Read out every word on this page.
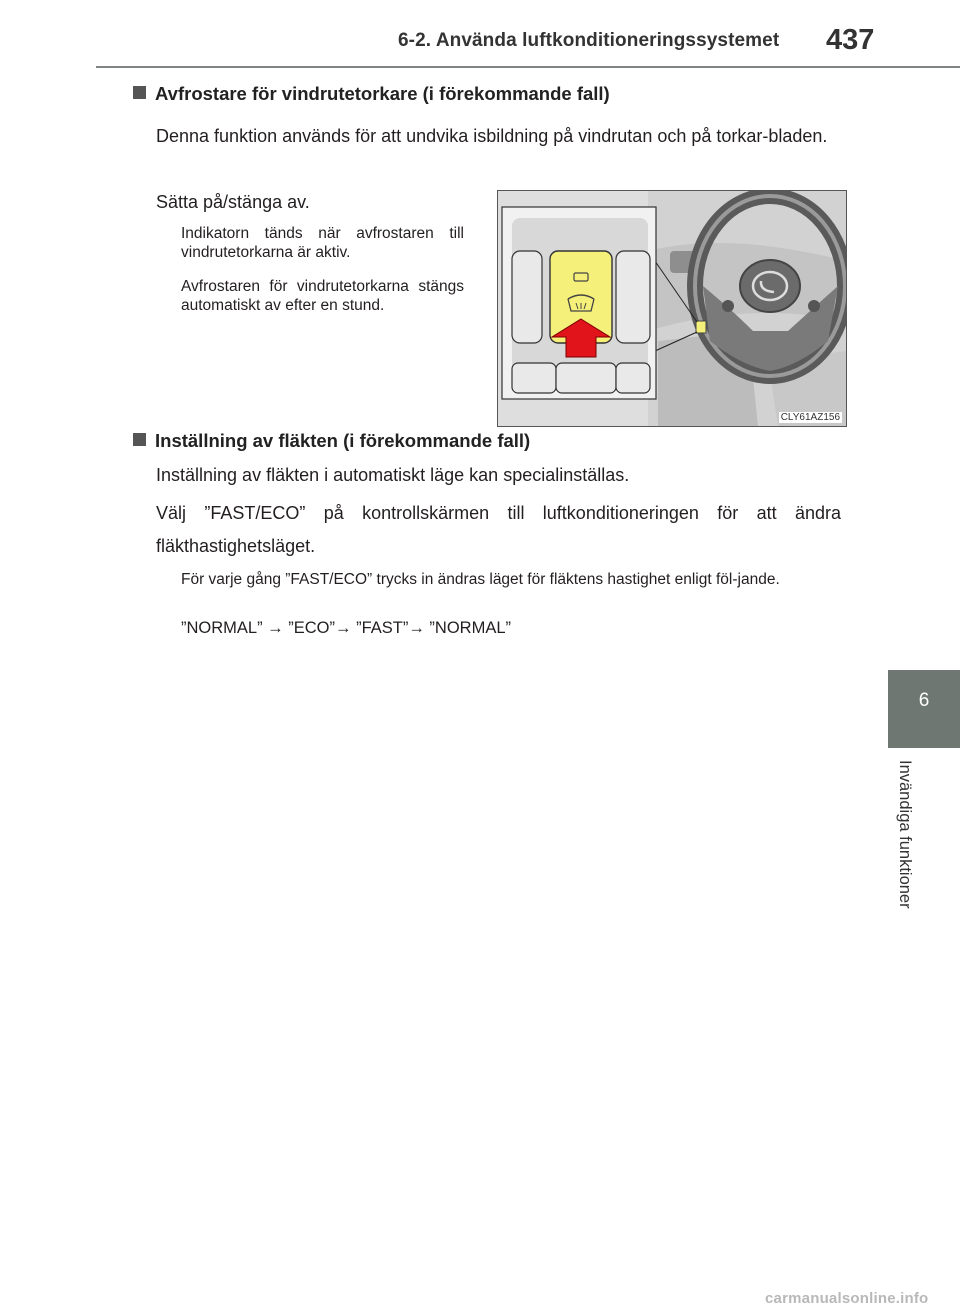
6-2. Använda luftkonditioneringssystemet 437
6
Invändiga funktioner
Avfrostare för vindrutetorkare (i förekommande fall)
Denna funktion används för att undvika isbildning på vindrutan och på torkar-bladen.
Sätta på/stänga av.
Indikatorn tänds när avfrostaren till vindrutetorkarna är aktiv.
Avfrostaren för vindrutetorkarna stängs automatiskt av efter en stund.
CLY61AZ156
Inställning av fläkten (i förekommande fall)
Inställning av fläkten i automatiskt läge kan specialinställas.
Välj ”FAST/ECO” på kontrollskärmen till luftkonditioneringen för att ändra fläkthastighetsläget.
För varje gång ”FAST/ECO” trycks in ändras läget för fläktens hastighet enligt föl-jande.
”NORMAL” → ”ECO”→ ”FAST”→ ”NORMAL”
carmanualsonline.info
